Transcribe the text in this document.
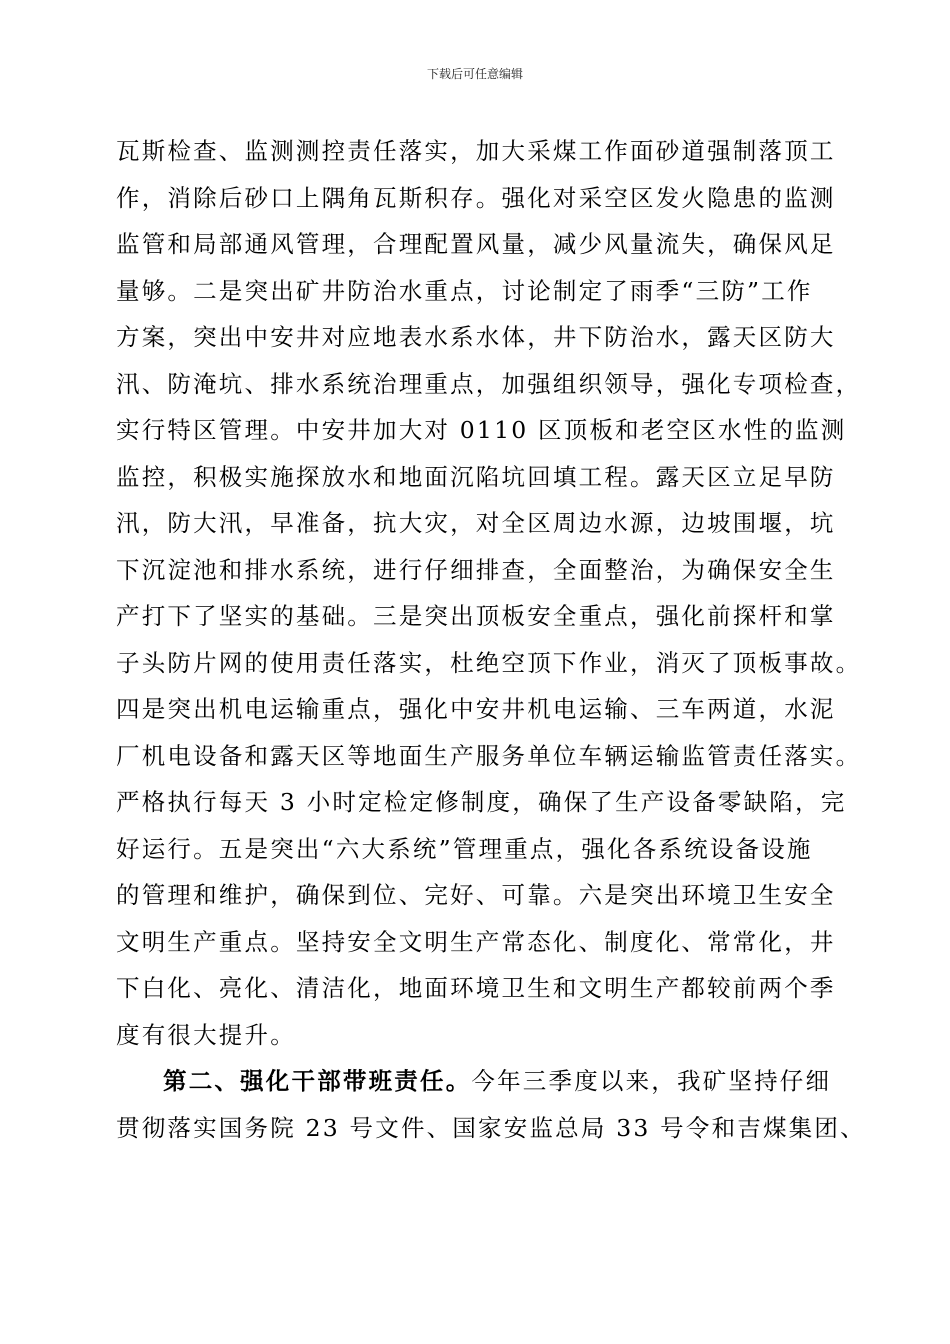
下载后可任意编辑
瓦斯检查、监测测控责任落实，加大采煤工作面砂道强制落顶工
作，消除后砂口上隅角瓦斯积存。强化对采空区发火隐患的监测
监管和局部通风管理，合理配置风量，减少风量流失，确保风足
量够。二是突出矿井防治水重点，讨论制定了雨季“三防”工作
方案，突出中安井对应地表水系水体，井下防治水，露天区防大
汛、防淹坑、排水系统治理重点，加强组织领导，强化专项检查，
实行特区管理。中安井加大对 0110 区顶板和老空区水性的监测
监控，积极实施探放水和地面沉陷坑回填工程。露天区立足早防
汛，防大汛，早准备，抗大灾，对全区周边水源，边坡围堰，坑
下沉淀池和排水系统，进行仔细排查，全面整治，为确保安全生
产打下了坚实的基础。三是突出顶板安全重点，强化前探杆和掌
子头防片网的使用责任落实，杜绝空顶下作业，消灭了顶板事故。
四是突出机电运输重点，强化中安井机电运输、三车两道，水泥
厂机电设备和露天区等地面生产服务单位车辆运输监管责任落实。
严格执行每天 3 小时定检定修制度，确保了生产设备零缺陷，完
好运行。五是突出“六大系统”管理重点，强化各系统设备设施
的管理和维护，确保到位、完好、可靠。六是突出环境卫生安全
文明生产重点。坚持安全文明生产常态化、制度化、常常化，井
下白化、亮化、清洁化，地面环境卫生和文明生产都较前两个季
度有很大提升。
第二、强化干部带班责任。今年三季度以来，我矿坚持仔细
贯彻落实国务院 23 号文件、国家安监总局 33 号令和吉煤集团、
